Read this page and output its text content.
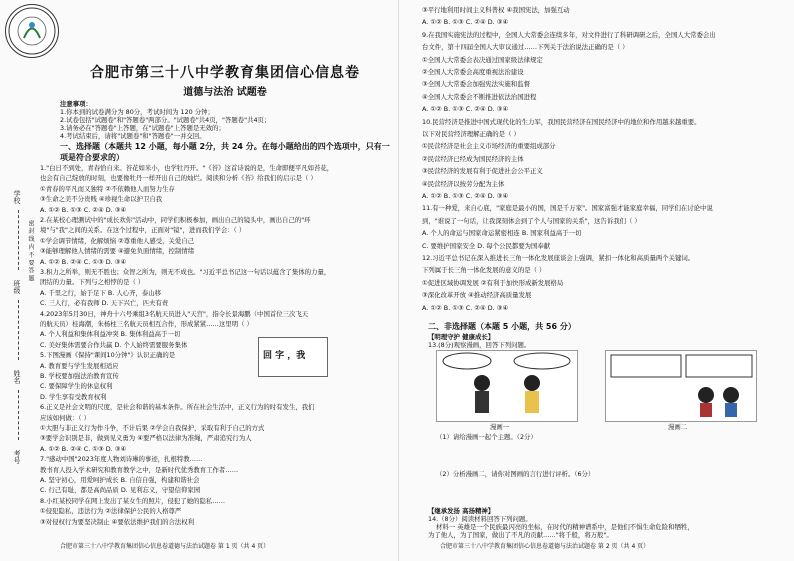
学校
班级
姓名
考号
密 封 线 内 不 要 答 题
合肥市第三十八中学教育集团信心信息卷
道德与法治 试题卷
注意事项：
1.你本到的试卷满分为 80分，考试时间为 120 分钟；
2.试卷包括"试题卷"和"答题卷"两部分。"试题卷"共4页，"答题卷"共4页；
3.请务必在"答题卷"上答题，在"试题卷"上答题是无效的；
4.考试结束后，请将"试题卷"和"答题卷"一并交回。
一、选择题（本题共 12 小题，每小题 2分，共 24 分。在每小题给出的四个选项中，只有一
项是符合要求的）
1."白日不到处，青春恰自来。苔花如米小，也学牡丹开。"《苔》这首诗说的是，生命即便平凡如苔花，
也会有自己绽放的时刻，也要像牡丹一样开出自己的灿烂。阅读和分析《苔》给我们的启示是（ ）
①青春的平凡而又独特 ②不依赖他人而努力生存
③生命之美不分贵贱 ④珍视生命以护卫自我
A. ①② B. ①③ C. ②④ D. ③④
2.在某校心理测试中的"成长欢你"活动中，同学们积极参加，画出自己的镜头中，画出自己的"环
境"与"我"之间的关系。在这个过程中，正面对"镜"，进而我们学会：（ ）
①学会调节情绪，化解烦恼 ②尊重他人感受，关爱自己
③能够理解他人情绪的需要 ④避免负面情绪，控制情绪
A. ①② B. ②④ C. ①③ D. ③④
3.积力之所举，则无不胜也；众智之所为，则无不成也。"习近平总书记这一句话以蕴含了集体的力量，
团结的力量。下列与之相悖的是（ ）
A. 千里之行，始于足下 B. 人心齐，泰山移
C. 三人行，必有我师 D. 天下兴亡，匹夫有责
4.2023年5月30日，神舟十六号乘组3名航天员进入"天宫"，指令长景海鹏（中国首位三次飞天
的航天员）桂海潮，朱杨柱三名航天员相互合作，形成紧紧……这里明（ ）
A. 个人利益和集体利益冲突 B. 集体利益高于一切
C. 美好集体需要合作共赢 D. 个人始终需要服务集体
5.下图漫画《保持"课间10分钟"》认识正确的是
A. 教育要与学生发展相适应
B. 学校要加强法治教育宣传
C. 要保障学生的休息权利
D. 学生享有受教育权利
6.正义是社会文明的尺度，是社会和谐的基本条件。所在社会生活中，正义行为的时有发生，我们
应该如何做：（ ）
①大胆与非正义行为作斗争，不计后果 ②学会自我保护，采取有利于自己的方式
③要学会识别是非，做到见义勇为 ④要严格以法律为准绳，严肃追究行为人
A. ①② B. ②④ C. ①③ D. ③④
7."感动中国"2023年度人物刘诗琳的事迹，扎根特教……
教书育人投入学术研究和教育教学之中，是新时代优秀教育工作者……
A. 坚守初心，用爱呵护成长 B. 自信自强，构建和谐社会
C. 行己有耻，都是高尚品质 D. 见利忘义，守望信仰家园
8.小红某校同学在网上发出了某女生的照片，侵犯了她的隐私……
①侵犯隐私，违法行为 ②法律保护公民的人格尊严
③对侵权行为要坚决制止 ④要依法维护我们的合法权利
回 字 ，我
合肥市第三十八中学教育集团信心信息卷道德与法治试题卷 第 1 页（共 4 页）
③平行地利用时间主义科普权 ④我国宪法，加强互动
A. ①② B. ①③ C. ②④ D. ③④
9.在我国实施宪法的过程中，全国人大常委会连续多年，对文件进行了科研调研之后，全国人大常委会出
台文件，第十四届全国人大审议通过……下列关于法治说法正确的是（ ）
①全国人大常委会表决通过国家级法律规定
②全国人大常委会高度重视法治建设
③全国人大常委会加强宪法实施和监督
④全国人大常委会不断推进依法治国进程
A. ①② B. ①③ C. ②④ D. ③④
10.民营经济是推进中国式现代化的生力军，我国民营经济在国民经济中的地位和作用越来越重要。
以下对民营经济理解正确的是（ ）
①民营经济是社会主义市场经济的重要组成部分
②民营经济已经成为国民经济的主体
③民营经济的发展有利于促进社会公平正义
④民营经济以按劳分配为主体
A. ①② B. ①③ C. ②④ D. ③④
11.有一种爱，来自心底，"家庭是最小的国，国是千万家"。国家富强才能家庭幸福，同学们在讨论中说
到，"谁说了一句话，让我深刻体会到了个人与国家的关系"，这告诉我们（ ）
A. 个人的命运与国家命运紧密相连 B. 国家利益高于一切
C. 要维护国家安全 D. 每个公民都要为国奉献
12.习近平总书记在深入推进长三角一体化发展座谈会上强调，紧扣一体化和高质量两个关键词。
下列属于长三角一体化发展的意义的是（ ）
①促进区域协调发展 ②有利于加快形成新发展格局
③深化改革开放 ④推动经济高质量发展
A. ①② B. ①③ C. ②④ D. ③④
二、非选择题（本题 5 小题，共 56 分）
【明理守护 健康成长】
13.(8分)观察漫画，回答下列问题。
漫画一	漫画二
（1）请给漫画一起个主题。（2分）
（2）分析漫画二，请你对图画的言行进行评析。（6分）
【继承发扬 高扬精神】
14.（8分）阅读材料回答下列问题。
材料一 英雄是一个民族最闪亮的坐标，在时代的精神谱系中，是他们不惧生命危险和牺牲，
为了他人，为了国家，做出了不凡的贡献……"将千般，将万般"。
合肥市第三十八中学教育集团信心信息卷道德与法治试题卷 第 2 页（共 4 页）
